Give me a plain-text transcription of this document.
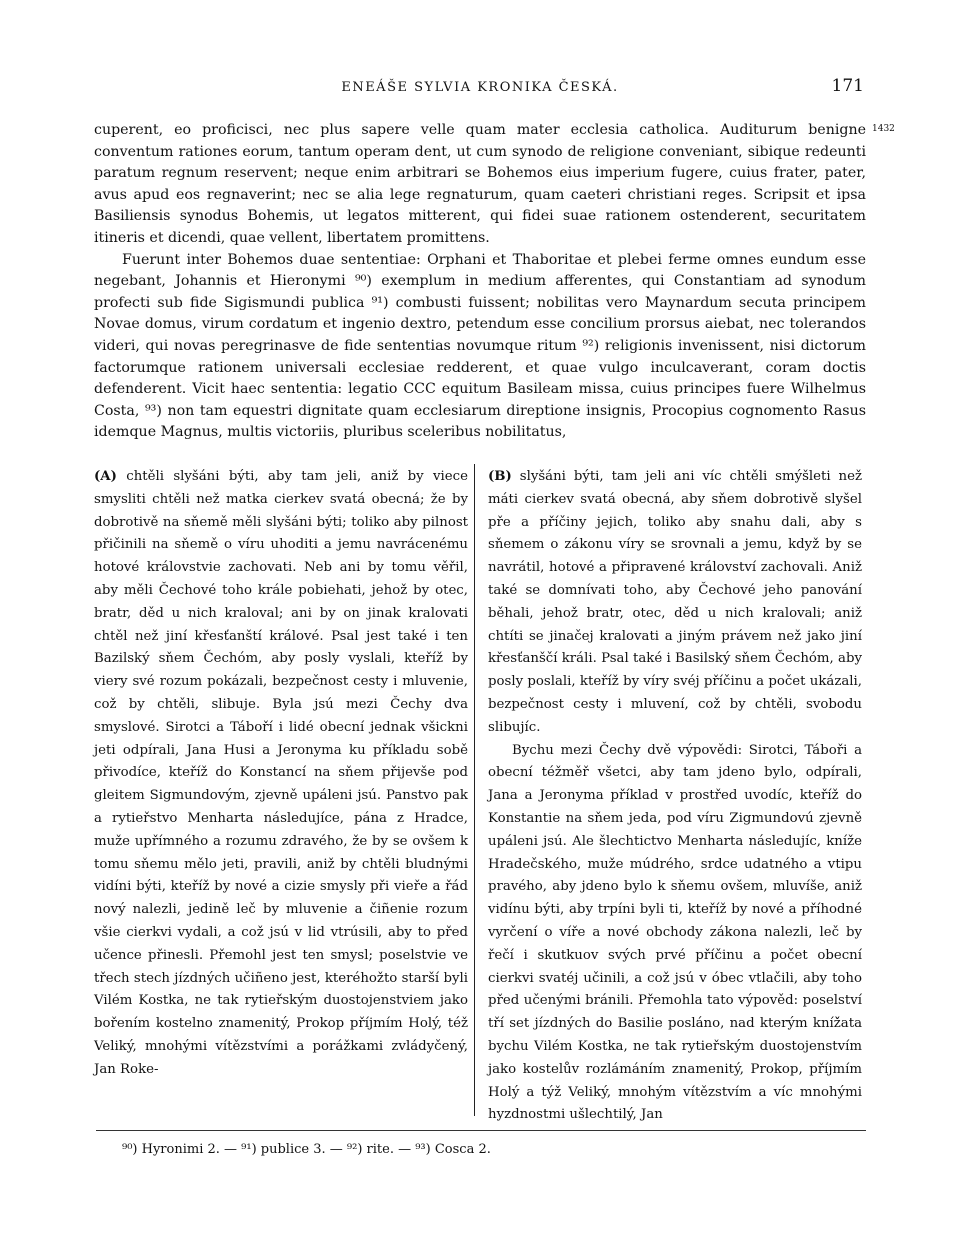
ENEÁŠE SYLVIA KRONIKA ČESKÁ.	171
1432

cuperent, eo proficisci, nec plus sapere velle quam mater ecclesia catholica. Auditurum benigne conventum rationes eorum, tantum operam dent, ut cum synodo de religione conveniant, sibique redeunti paratum regnum reservent; neque enim arbitrari se Bohemos eius imperium fugere, cuius frater, pater, avus apud eos regnaverint; nec se alia lege regnaturum, quam caeteri christiani reges. Scripsit et ipsa Basiliensis synodus Bohemis, ut legatos mitterent, qui fidei suae rationem ostenderent, securitatem itineris et dicendi, quae vellent, libertatem promittens.

Fuerunt inter Bohemos duae sententiae: Orphani et Thaboritae et plebei ferme omnes eundum esse negebant, Johannis et Hieronymi ⁹⁰) exemplum in medium afferentes, qui Constantiam ad synodum profecti sub fide Sigismundi publica ⁹¹) combusti fuissent; nobilitas vero Maynardum secuta principem Novae domus, virum cordatum et ingenio dextro, petendum esse concilium prorsus aiebat, nec tolerandos videri, qui novas peregrinasve de fide sententias novumque ritum ⁹²) religionis invenissent, nisi dictorum factorumque rationem universali ecclesiae redderent, et quae vulgo inculcaverant, coram doctis defenderent. Vicit haec sententia: legatio CCC equitum Basileam missa, cuius principes fuere Wilhelmus Costa, ⁹³) non tam equestri dignitate quam ecclesiarum direptione insignis, Procopius cognomento Rasus idemque Magnus, multis victoriis, pluribus sceleribus nobilitatus,

(A) chtěli slyšáni býti, aby tam jeli, aniž by viece smysliti chtěli než matka cierkev svatá obecná; že by dobrotivě na sňemě měli slyšáni býti; toliko aby pilnost přičinili na sňemě o víru uhoditi a jemu navrácenému hotové královstvie zachovati. Neb ani by tomu věřil, aby měli Čechové toho krále pobiehati, jehož by otec, bratr, děd u nich kraloval; ani by on jinak kralovati chtěl než jiní křesťanští králové. Psal jest také i ten Bazilský sňem Čechóm, aby posly vyslali, kteříž by viery své rozum pokázali, bezpečnost cesty i mluvenie, což by chtěli, slibuje. Byla jsú mezi Čechy dva smyslové. Sirotci a Táboří i lidé obecní jednak všickni jeti odpírali, Jana Husi a Jeronyma ku příkladu sobě přivodíce, kteříž do Konstancí na sňem přijevše pod gleitem Sigmundovým, zjevně upáleni jsú. Panstvo pak a rytieřstvo Menharta následujíce, pána z Hradce, muže upřímného a rozumu zdravého, že by se ovšem k tomu sňemu mělo jeti, pravili, aniž by chtěli bludnými vidíni býti, kteříž by nové a cizie smysly při vieře a řád nový nalezli, jedině leč by mluvenie a čiñenie rozum všie cierkvi vydali, a což jsú v lid vtrúsili, aby to před učence přinesli. Přemohl jest ten smysl; poselstvie ve třech stech jízdných učiñeno jest, kteréhožto starší byli Vilém Kostka, ne tak rytieřským duostojenstviem jako bořením kostelno znamenitý, Prokop příjmím Holý, též Veliký, mnohými vítězstvími a porážkami zvládyčený, Jan Roke-

(B) slyšáni býti, tam jeli ani víc chtěli smýšleti než máti cierkev svatá obecná, aby sňem dobrotivě slyšel pře a příčiny jejich, toliko aby snahu dali, aby s sňemem o zákonu víry se srovnali a jemu, když by se navrátil, hotové a připravené království zachovali. Aniž také se domnívati toho, aby Čechové jeho panování běhali, jehož bratr, otec, děd u nich kralovali; aniž chtíti se jinačej kralovati a jiným právem než jako jiní křesťanščí králi. Psal také i Basilský sňem Čechóm, aby posly poslali, kteříž by víry svéj příčinu a počet ukázali, bezpečnost cesty i mluvení, což by chtěli, svobodu slibujíc.

Bychu mezi Čechy dvě výpovědi: Sirotci, Táboři a obecní téžměř všetci, aby tam jdeno bylo, odpírali, Jana a Jeronyma příklad v prostřed uvodíc, kteříž do Konstantie na sňem jeda, pod víru Zigmundovú zjevně upáleni jsú. Ale šlechtictvo Menharta následujíc, kníže Hradečského, muže múdrého, srdce udatného a vtipu pravého, aby jdeno bylo k sňemu ovšem, mluvíše, aniž vidínu býti, aby trpíni byli ti, kteříž by nové a příhodné vyrčení o víře a nové obchody zákona nalezli, leč by řečí i skutkuov svých prvé příčinu a počet obecní cierkvi svatéj učinili, a což jsú v óbec vtlačili, aby toho před učenými bránili. Přemohla tato výpověd: poselství tří set jízdných do Basilie posláno, nad kterým kníž̌ata bychu Vilém Kostka, ne tak rytieřským duostojenstvím jako kostelův rozlámáním znamenitý, Prokop, příjmím Holý a týž Veliký, mnohým vítězstvím a víc mnohými hyzdnostmi ušlechtilý, Jan

⁹⁰) Hyronimi 2. — ⁹¹) publice 3. — ⁹²) rite. — ⁹³) Cosca 2.
